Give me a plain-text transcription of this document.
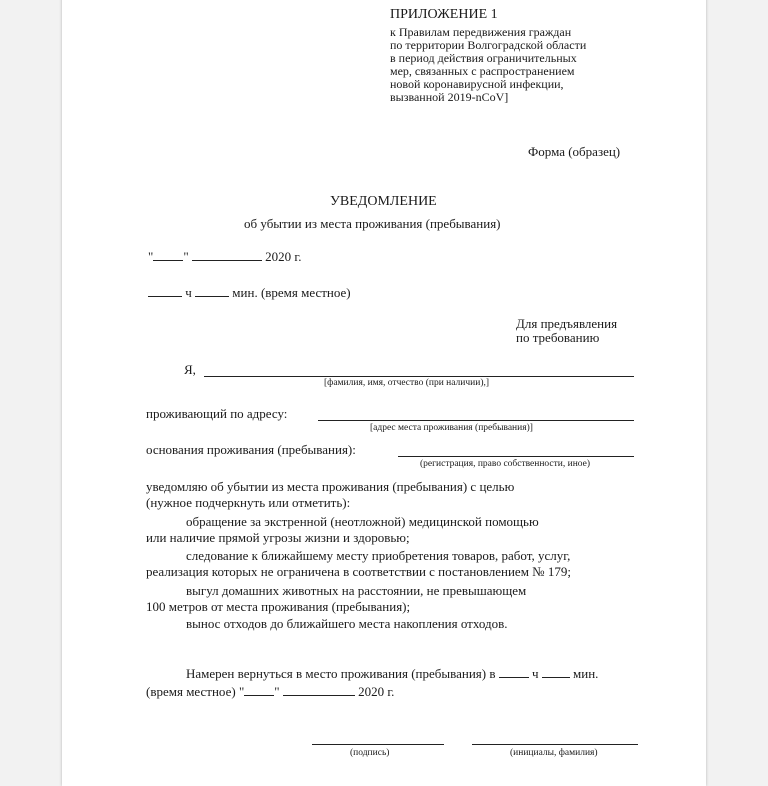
ПРИЛОЖЕНИЕ 1
к Правилам передвижения граждан
по территории Волгоградской области
в период действия ограничительных
мер, связанных с распространением
новой коронавирусной инфекции,
вызванной 2019-nCoV]
Форма (образец)
УВЕДОМЛЕНИЕ
об убытии из места проживания (пребывания)
" "	2020 г.
ч	мин. (время местное)
Для предъявления
по требованию
Я,
[фамилия, имя, отчество (при наличии),]
проживающий по адресу:
[адрес места проживания (пребывания)]
основания проживания (пребывания):
(регистрация, право собственности, иное)
уведомляю об убытии из места проживания (пребывания) с целью
(нужное подчеркнуть или отметить):
обращение за экстренной (неотложной) медицинской помощью
или наличие прямой угрозы жизни и здоровью;
следование к ближайшему месту приобретения товаров, работ, услуг,
реализация которых не ограничена в соответствии с постановлением № 179;
выгул домашних животных на расстоянии, не превышающем
100 метров от места проживания (пребывания);
вынос отходов до ближайшего места накопления отходов.
Намерен вернуться в место проживания (пребывания) в	ч	мин.
(время местное) " "	2020 г.
(подпись)	(инициалы, фамилия)
